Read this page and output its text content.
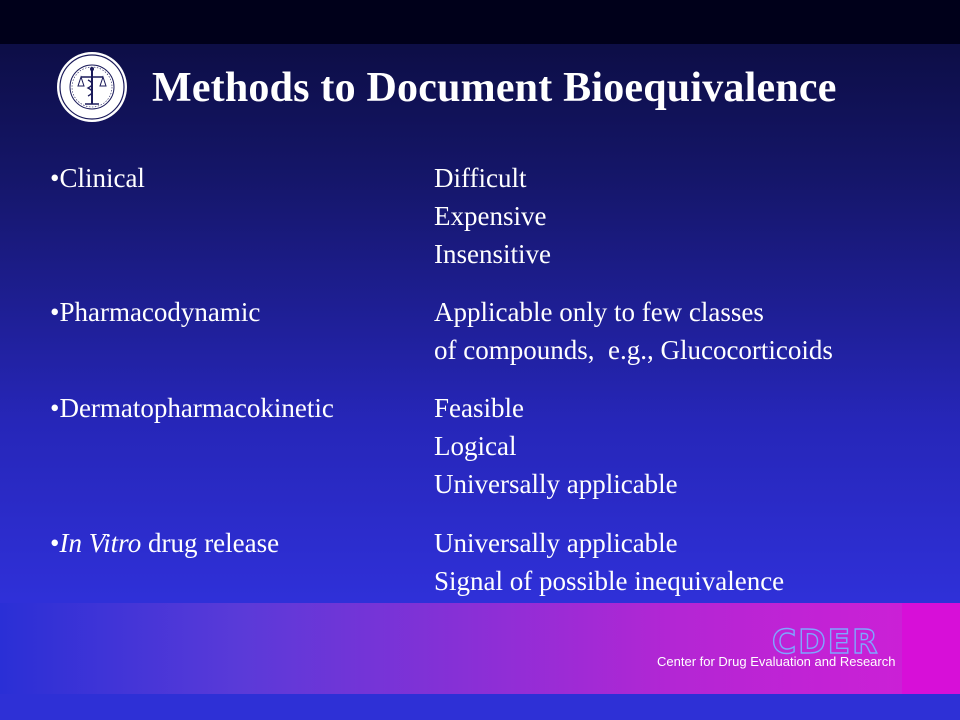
Methods to Document Bioequivalence
•Clinical	Difficult
Expensive
Insensitive
•Pharmacodynamic	Applicable only to few classes
of compounds,  e.g., Glucocorticoids
•Dermatopharmacokinetic	Feasible
Logical
Universally applicable
•In Vitro drug release	Universally applicable
Signal of possible inequivalence
CDER
Center for Drug Evaluation and Research
